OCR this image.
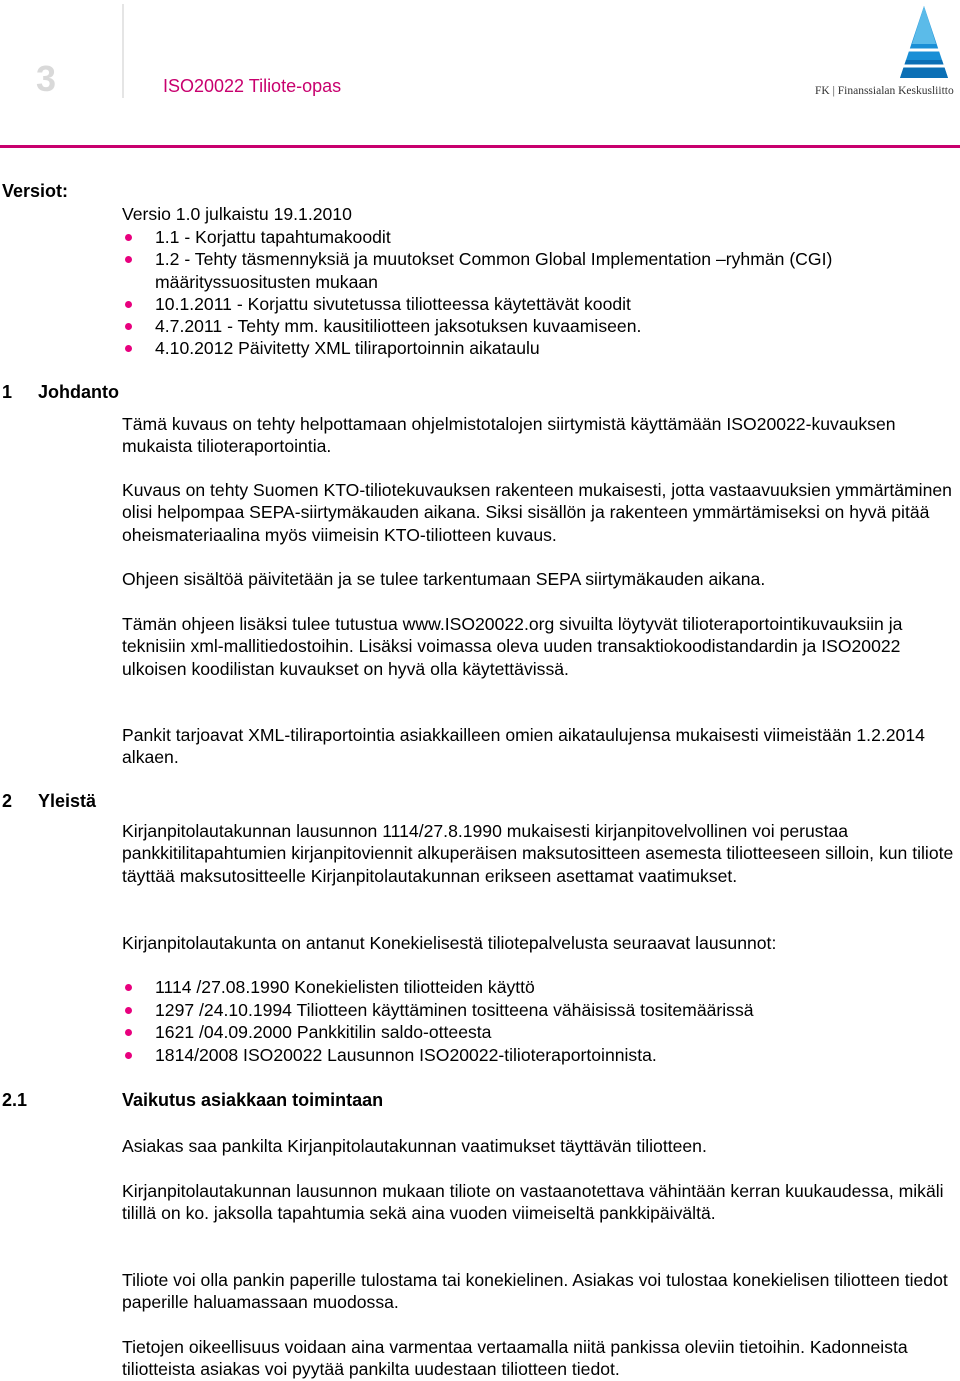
3	ISO20022 Tiliote-opas	FK | Finanssialan Keskusliitto
Versiot:

Versio 1.0 julkaistu 19.1.2010

1.1 - Korjattu tapahtumakoodit
1.2 - Tehty täsmennyksiä ja muutokset Common Global Implementation –ryhmän (CGI) määrityssuositusten mukaan
10.1.2011 - Korjattu sivutetussa tiliotteessa käytettävät koodit
4.7.2011 - Tehty mm. kausitiliotteen jaksotuksen kuvaamiseen.
4.10.2012 Päivitetty XML tiliraportoinnin aikataulu
1 Johdanto

Tämä kuvaus on tehty helpottamaan ohjelmistotalojen siirtymistä käyttämään ISO20022-kuvauksen mukaista tilioteraportointia.

Kuvaus on tehty Suomen KTO-tiliotekuvauksen rakenteen mukaisesti, jotta vastaavuuksien ymmärtäminen olisi helpompaa SEPA-siirtymäkauden aikana. Siksi sisällön ja rakenteen ymmärtämiseksi on hyvä pitää oheismateriaalina myös viimeisin KTO-tiliotteen kuvaus.

Ohjeen sisältöä päivitetään ja se tulee tarkentumaan SEPA siirtymäkauden aikana.

Tämän ohjeen lisäksi tulee tutustua www.ISO20022.org sivuilta löytyvät tilioteraportointikuvauksiin ja teknisiin xml-mallitiedostoihin. Lisäksi voimassa oleva uuden transaktiokoodistandardin ja ISO20022 ulkoisen koodilistan kuvaukset on hyvä olla käytettävissä.

Pankit tarjoavat XML-tiliraportointia asiakkailleen omien aikataulujensa mukaisesti viimeistään 1.2.2014 alkaen.

2 Yleistä

Kirjanpitolautakunnan lausunnon 1114/27.8.1990 mukaisesti kirjanpitovelvollinen voi perustaa pankkitilitapahtumien kirjanpitoviennit alkuperäisen maksutositteen asemesta tiliotteeseen silloin, kun tiliote täyttää maksutositteelle Kirjanpitolautakunnan erikseen asettamat vaatimukset.

Kirjanpitolautakunta on antanut Konekielisestä tiliotepalvelusta seuraavat lausunnot:

1114 /27.08.1990 Konekielisten tiliotteiden käyttö
1297 /24.10.1994 Tiliotteen käyttäminen tositteena vähäisissä tositemäärissä
1621 /04.09.2000 Pankkitilin saldo-otteesta
1814/2008 ISO20022 Lausunnon ISO20022-tilioteraportoinnista.
2.1	Vaikutus asiakkaan toimintaan

Asiakas saa pankilta Kirjanpitolautakunnan vaatimukset täyttävän tiliotteen.

Kirjanpitolautakunnan lausunnon mukaan tiliote on vastaanotettava vähintään kerran kuukaudessa, mikäli tilillä on ko. jaksolla tapahtumia sekä aina vuoden viimeiseltä pankkipäivältä.

Tiliote voi olla pankin paperille tulostama tai konekielinen. Asiakas voi tulostaa konekielisen tiliotteen tiedot paperille haluamassaan muodossa.

Tietojen oikeellisuus voidaan aina varmentaa vertaamalla niitä pankissa oleviin tietoihin. Kadonneista tiliotteista asiakas voi pyytää pankilta uudestaan tiliotteen tiedot.
